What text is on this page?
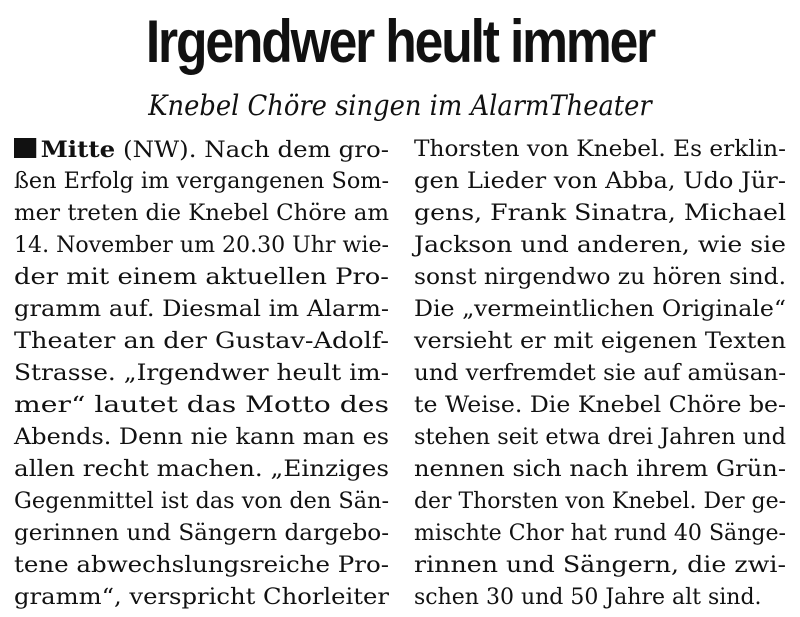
Irgendwer heult immer
Knebel Chöre singen im AlarmTheater
Mitte (NW). Nach dem gro-
ßen Erfolg im vergangenen Som-
mer treten die Knebel Chöre am
14. November um 20.30 Uhr wie-
der mit einem aktuellen Pro-
gramm auf. Diesmal im Alarm-
Theater an der Gustav-Adolf-
Strasse. „Irgendwer heult im-
mer“ lautet das Motto des
Abends. Denn nie kann man es
allen recht machen. „Einziges
Gegenmittel ist das von den Sän-
gerinnen und Sängern dargebo-
tene abwechslungsreiche Pro-
gramm“, verspricht Chorleiter
Thorsten von Knebel. Es erklin-
gen Lieder von Abba, Udo Jür-
gens, Frank Sinatra, Michael
Jackson und anderen, wie sie
sonst nirgendwo zu hören sind.
Die „vermeintlichen Originale“
versieht er mit eigenen Texten
und verfremdet sie auf amüsan-
te Weise. Die Knebel Chöre be-
stehen seit etwa drei Jahren und
nennen sich nach ihrem Grün-
der Thorsten von Knebel. Der ge-
mischte Chor hat rund 40 Sänge-
rinnen und Sängern, die zwi-
schen 30 und 50 Jahre alt sind.
